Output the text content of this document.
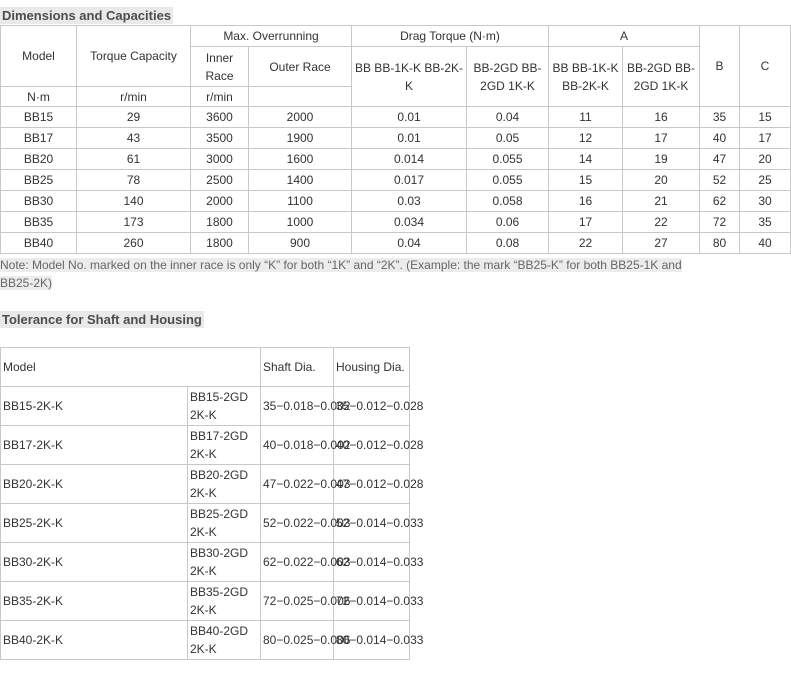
Dimensions and Capacities
Model	Torque Capacity	Max. Overrunning		Drag Torque (N·m)		A		B	C
		Inner Race	Outer Race	BB BB-1K-K BB-2K-K	BB-2GD BB-2GD 1K-K	BB BB-1K-K BB-2K-K	BB-2GD BB-2GD 1K-K		
N·m	r/min	r/min							
BB15	29	3600	2000	0.01	0.04	11	16	35	15
BB17	43	3500	1900	0.01	0.05	12	17	40	17
BB20	61	3000	1600	0.014	0.055	14	19	47	20
BB25	78	2500	1400	0.017	0.055	15	20	52	25
BB30	140	2000	1100	0.03	0.058	16	21	62	30
BB35	173	1800	1000	0.034	0.06	17	22	72	35
BB40	260	1800	900	0.04	0.08	22	27	80	40
Note: Model No. marked on the inner race is only “K” for both “1K” and “2K”. (Example: the mark “BB25-K” for both BB25-1K and BB25-2K)
Tolerance for Shaft and Housing
Model		Shaft Dia.	Housing Dia.
BB15-2K-K	BB15-2GD 2K-K	35−0.018−0.002	35−0.012−0.028
BB17-2K-K	BB17-2GD 2K-K	40−0.018−0.002	40−0.012−0.028
BB20-2K-K	BB20-2GD 2K-K	47−0.022−0.003	47−0.012−0.028
BB25-2K-K	BB25-2GD 2K-K	52−0.022−0.003	52−0.014−0.033
BB30-2K-K	BB30-2GD 2K-K	62−0.022−0.003	62−0.014−0.033
BB35-2K-K	BB35-2GD 2K-K	72−0.025−0.006	72−0.014−0.033
BB40-2K-K	BB40-2GD 2K-K	80−0.025−0.006	80−0.014−0.033
